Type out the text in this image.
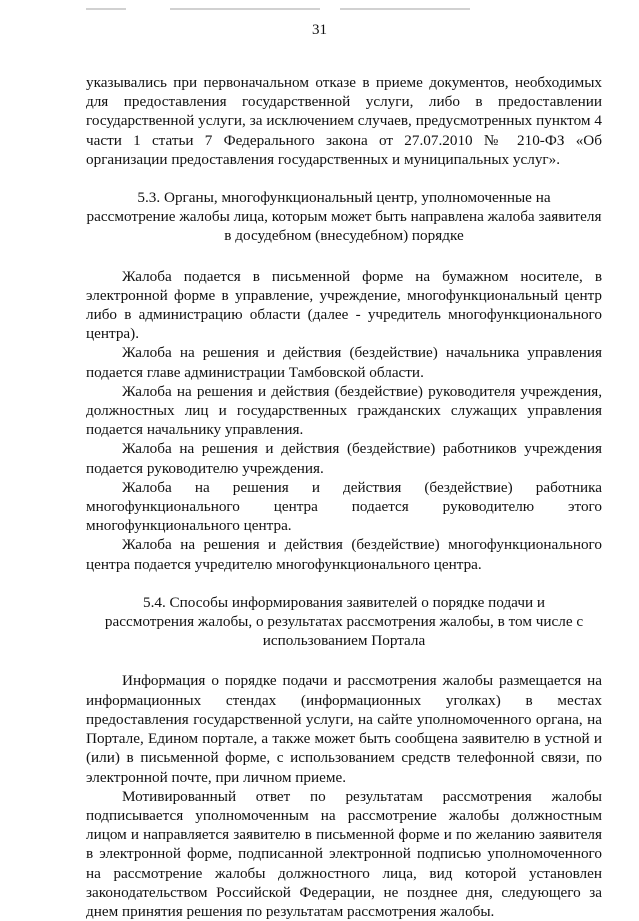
31

указывались при первоначальном отказе в приеме документов, необходимых для предоставления государственной услуги, либо в предоставлении государственной услуги, за исключением случаев, предусмотренных пунктом 4 части 1 статьи 7 Федерального закона от 27.07.2010 № 210-ФЗ «Об организации предоставления государственных и муниципальных услуг».

5.3. Органы, многофункциональный центр, уполномоченные на
рассмотрение жалобы лица, которым может быть направлена жалоба заявителя
в досудебном (внесудебном) порядке

Жалоба подается в письменной форме на бумажном носителе, в электронной форме в управление, учреждение, многофункциональный центр либо в администрацию области (далее - учредитель многофункционального центра).

Жалоба на решения и действия (бездействие) начальника управления подается главе администрации Тамбовской области.

Жалоба на решения и действия (бездействие) руководителя учреждения, должностных лиц и государственных гражданских служащих управления подается начальнику управления.

Жалоба на решения и действия (бездействие) работников учреждения подается руководителю учреждения.

Жалоба на решения и действия (бездействие) работника многофункционального центра подается руководителю этого многофункционального центра.

Жалоба на решения и действия (бездействие) многофункционального центра подается учредителю многофункционального центра.

5.4. Способы информирования заявителей о порядке подачи и
рассмотрения жалобы, о результатах рассмотрения жалобы, в том числе с
использованием Портала

Информация о порядке подачи и рассмотрения жалобы размещается на информационных стендах (информационных уголках) в местах предоставления государственной услуги, на сайте уполномоченного органа, на Портале, Едином портале, а также может быть сообщена заявителю в устной и (или) в письменной форме, с использованием средств телефонной связи, по электронной почте, при личном приеме.

Мотивированный ответ по результатам рассмотрения жалобы подписывается уполномоченным на рассмотрение жалобы должностным лицом и направляется заявителю в письменной форме и по желанию заявителя в электронной форме, подписанной электронной подписью уполномоченного на рассмотрение жалобы должностного лица, вид которой установлен законодательством Российской Федерации, не позднее дня, следующего за днем принятия решения по результатам рассмотрения жалобы.
